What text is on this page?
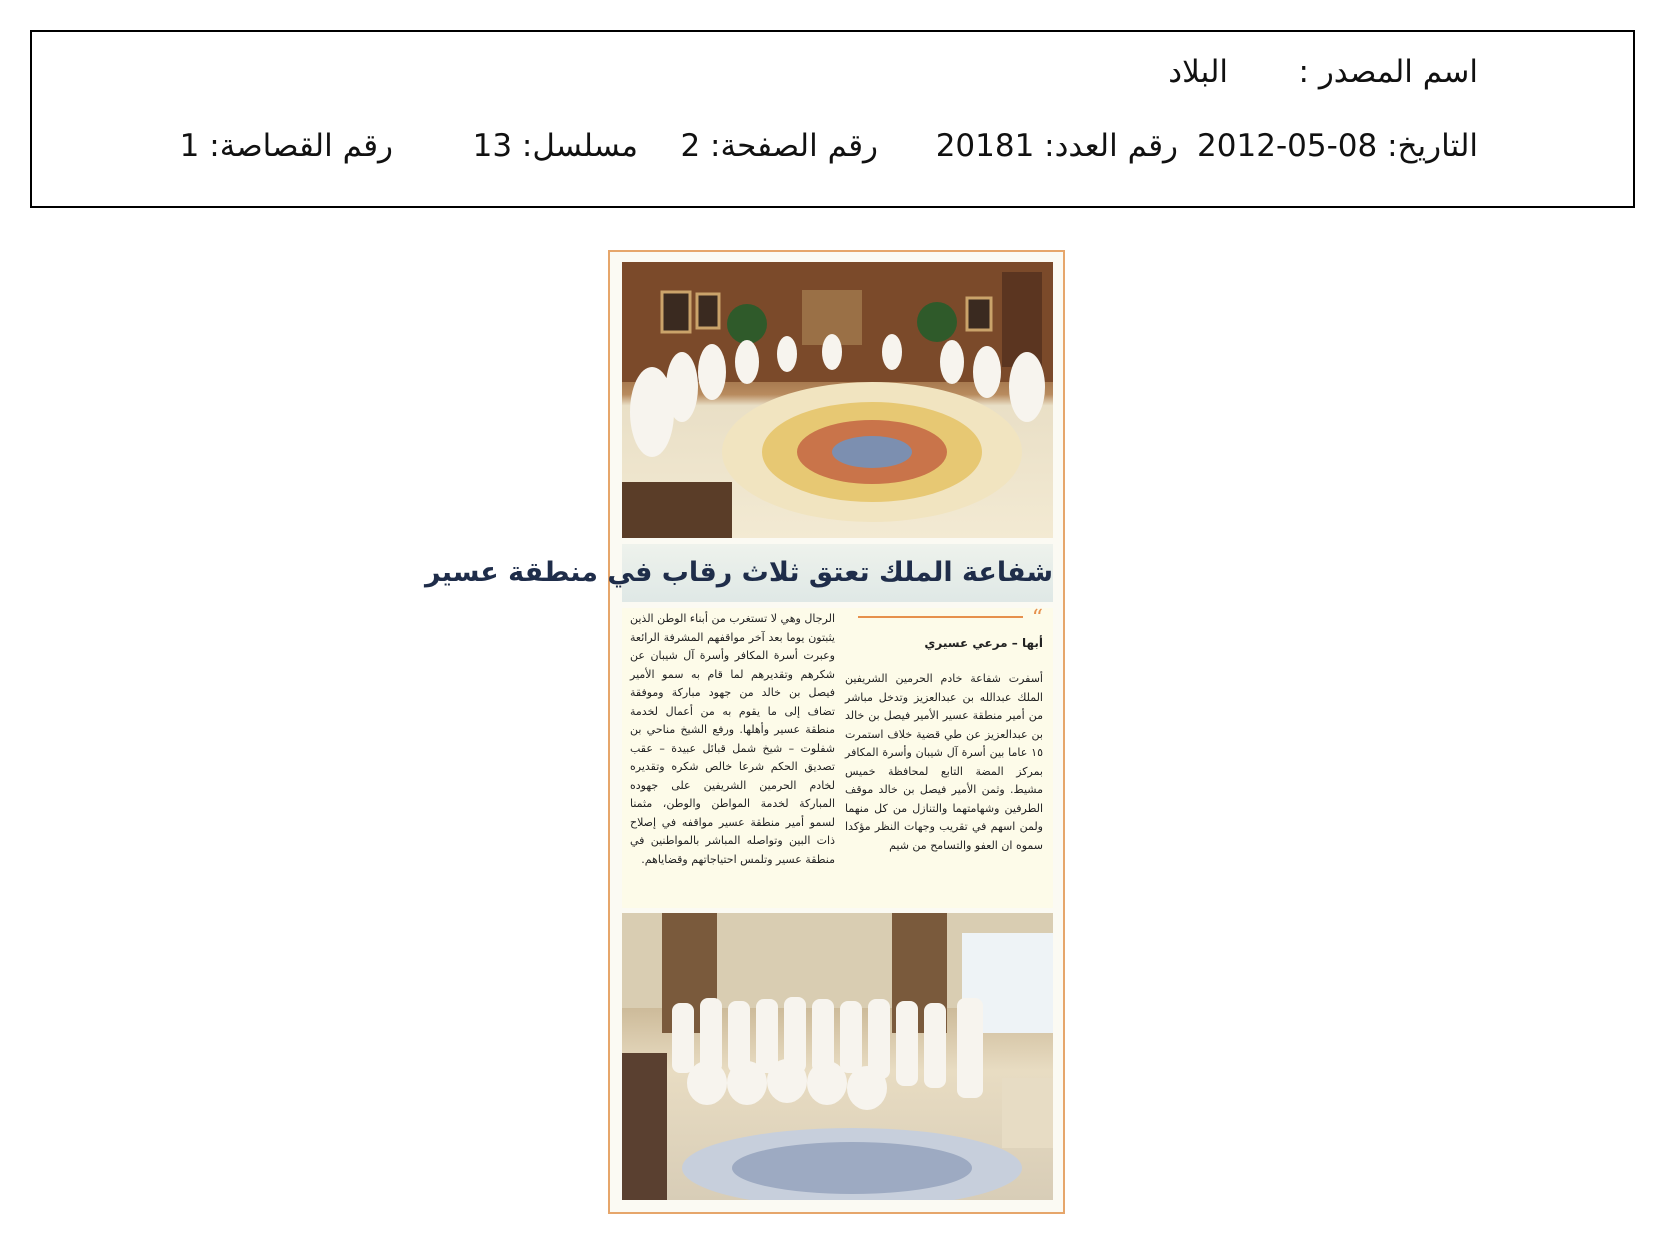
اسم المصدر :
البلاد
التاريخ: 08-05-2012
رقم العدد: 20181
رقم الصفحة: 2
مسلسل: 13
رقم القصاصة: 1
شفاعة الملك تعتق ثلاث رقاب في منطقة عسير
“
أبها – مرعي عسيري
أسفرت شفاعة خادم الحرمين الشريفين الملك عبدالله بن عبدالعزيز وتدخل مباشر من أمير منطقة عسير الأمير فيصل بن خالد بن عبدالعزيز عن طي قضية خلاف استمرت ١٥ عاما بين أسرة آل شيبان وأسرة المكافر بمركز المضة التابع لمحافظة خميس مشيط. وثمن الأمير فيصل بن خالد موقف الطرفين وشهامتهما والتنازل من كل منهما ولمن اسهم في تقريب وجهات النظر مؤكدا سموه ان العفو والتسامح من شيم
الرجال وهي لا تستغرب من أبناء الوطن الذين يثبتون يوما بعد آخر مواقفهم المشرفة الرائعة وعبرت أسرة المكافر وأسرة آل شيبان عن شكرهم وتقديرهم لما قام به سمو الأمير فيصل بن خالد من جهود مباركة وموفقة تضاف إلى ما يقوم به من أعمال لخدمة منطقة عسير وأهلها. ورفع الشيخ مناحي بن شفلوت – شيخ شمل قبائل عبيدة – عقب تصديق الحكم شرعا خالص شكره وتقديره لخادم الحرمين الشريفين على جهوده المباركة لخدمة المواطن والوطن، مثمنا لسمو أمير منطقة عسير مواقفه في إصلاح ذات البين وتواصله المباشر بالمواطنين في منطقة عسير وتلمس احتياجاتهم وقضاياهم.
